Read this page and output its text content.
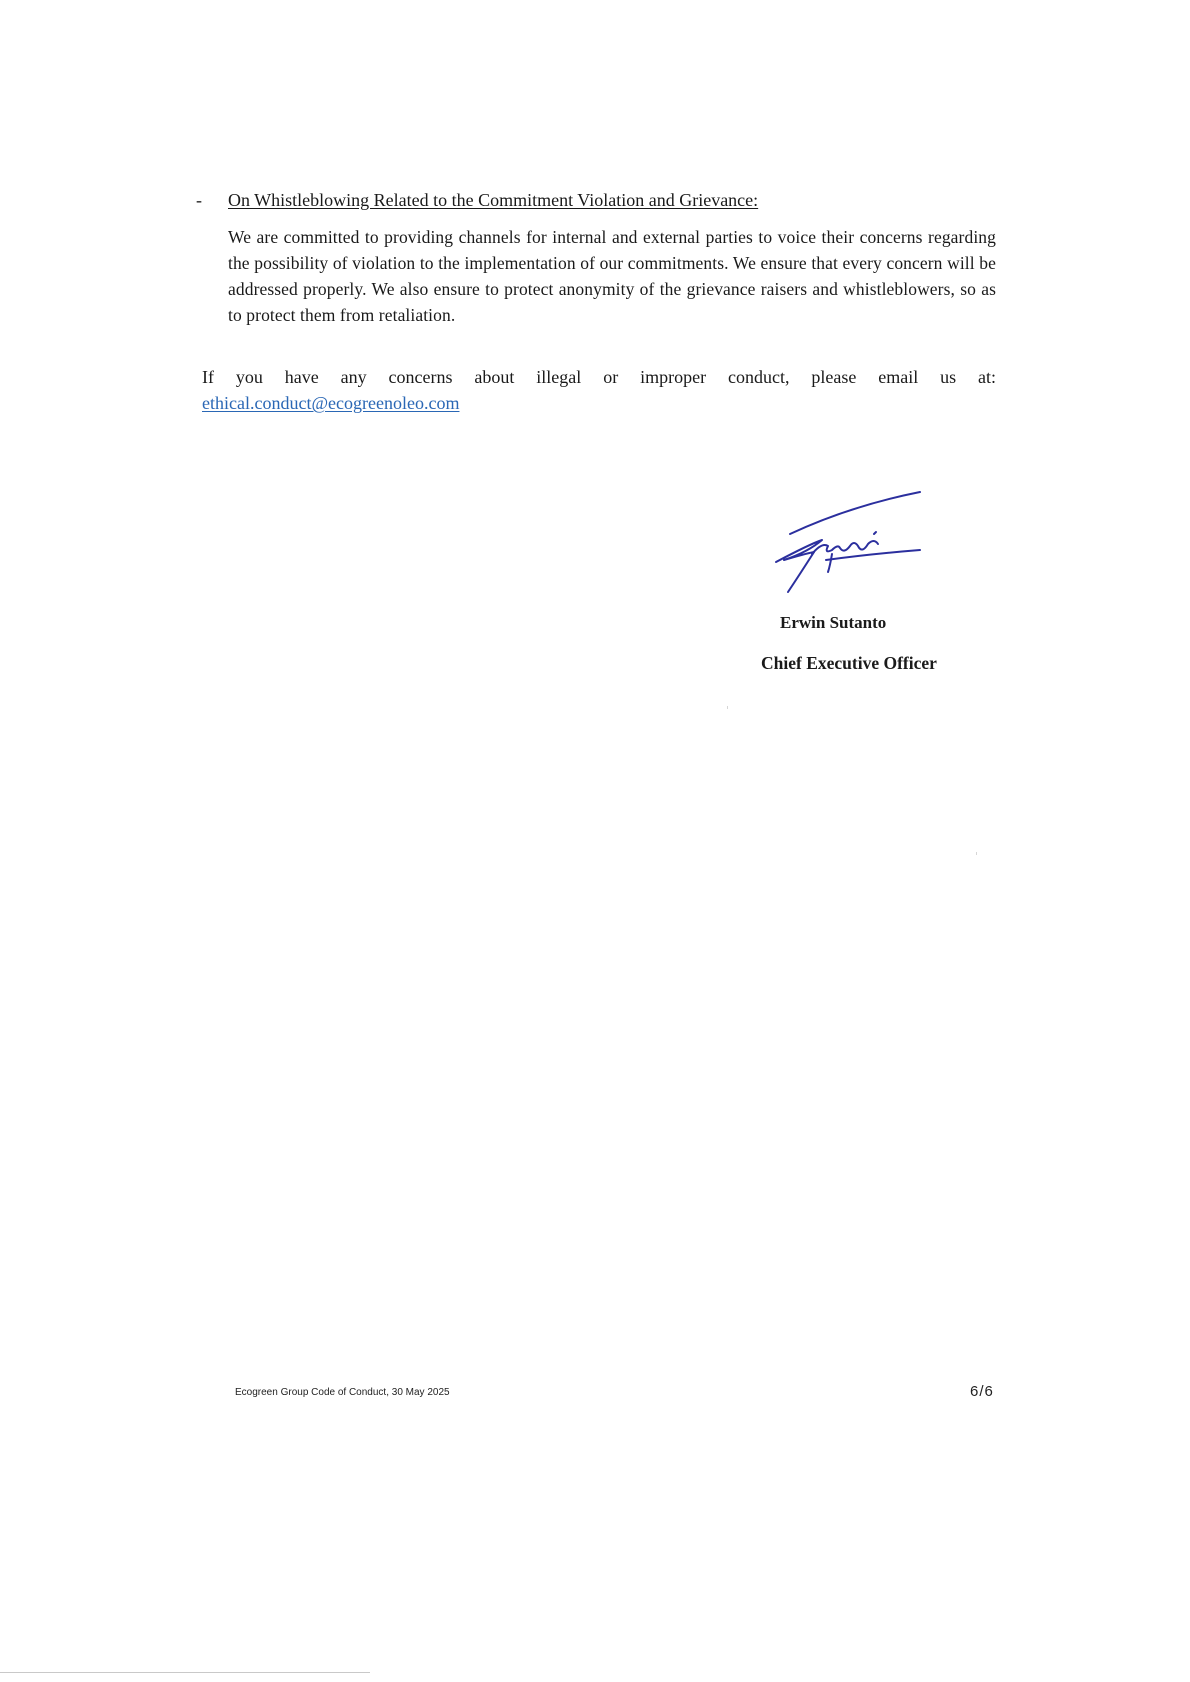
-	On Whistleblowing Related to the Commitment Violation and Grievance:

We are committed to providing channels for internal and external parties to voice their concerns regarding the possibility of violation to the implementation of our commitments. We ensure that every concern will be addressed properly. We also ensure to protect anonymity of the grievance raisers and whistleblowers, so as to protect them from retaliation.

If you have any concerns about illegal or improper conduct, please email us at:
ethical.conduct@ecogreenoleo.com
Erwin Sutanto
Chief Executive Officer
Ecogreen Group Code of Conduct, 30 May 2025	6/6
